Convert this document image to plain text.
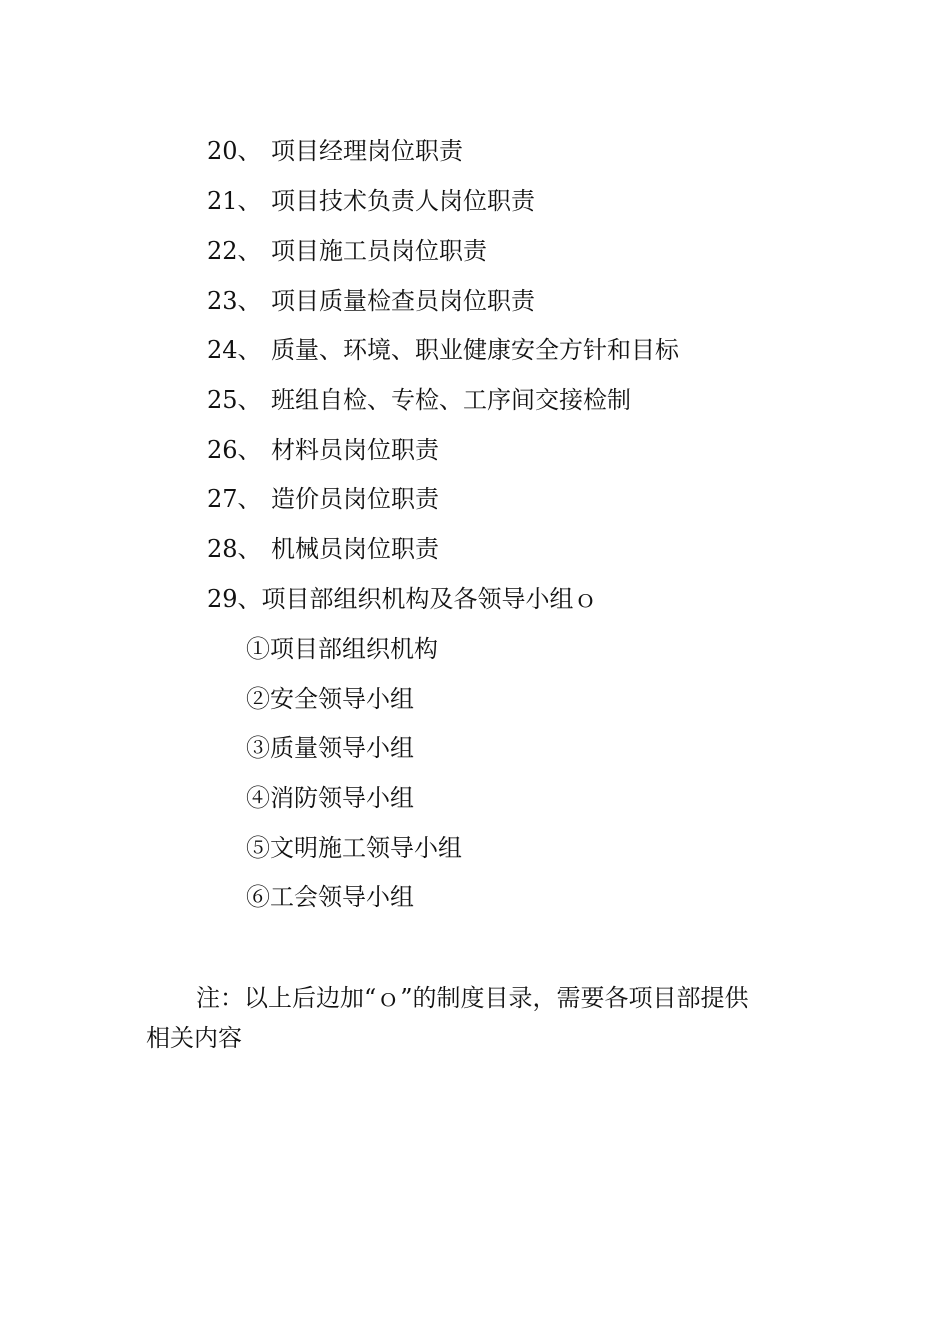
20、 项目经理岗位职责
21、 项目技术负责人岗位职责
22、 项目施工员岗位职责
23、 项目质量检查员岗位职责
24、 质量、环境、职业健康安全方针和目标
25、 班组自检、专检、工序间交接检制
26、 材料员岗位职责
27、 造价员岗位职责
28、 机械员岗位职责
29、项目部组织机构及各领导小组ｏ
①项目部组织机构
②安全领导小组
③质量领导小组
④消防领导小组
⑤文明施工领导小组
⑥工会领导小组
注：以上后边加“ｏ”的制度目录，需要各项目部提供
相关内容
